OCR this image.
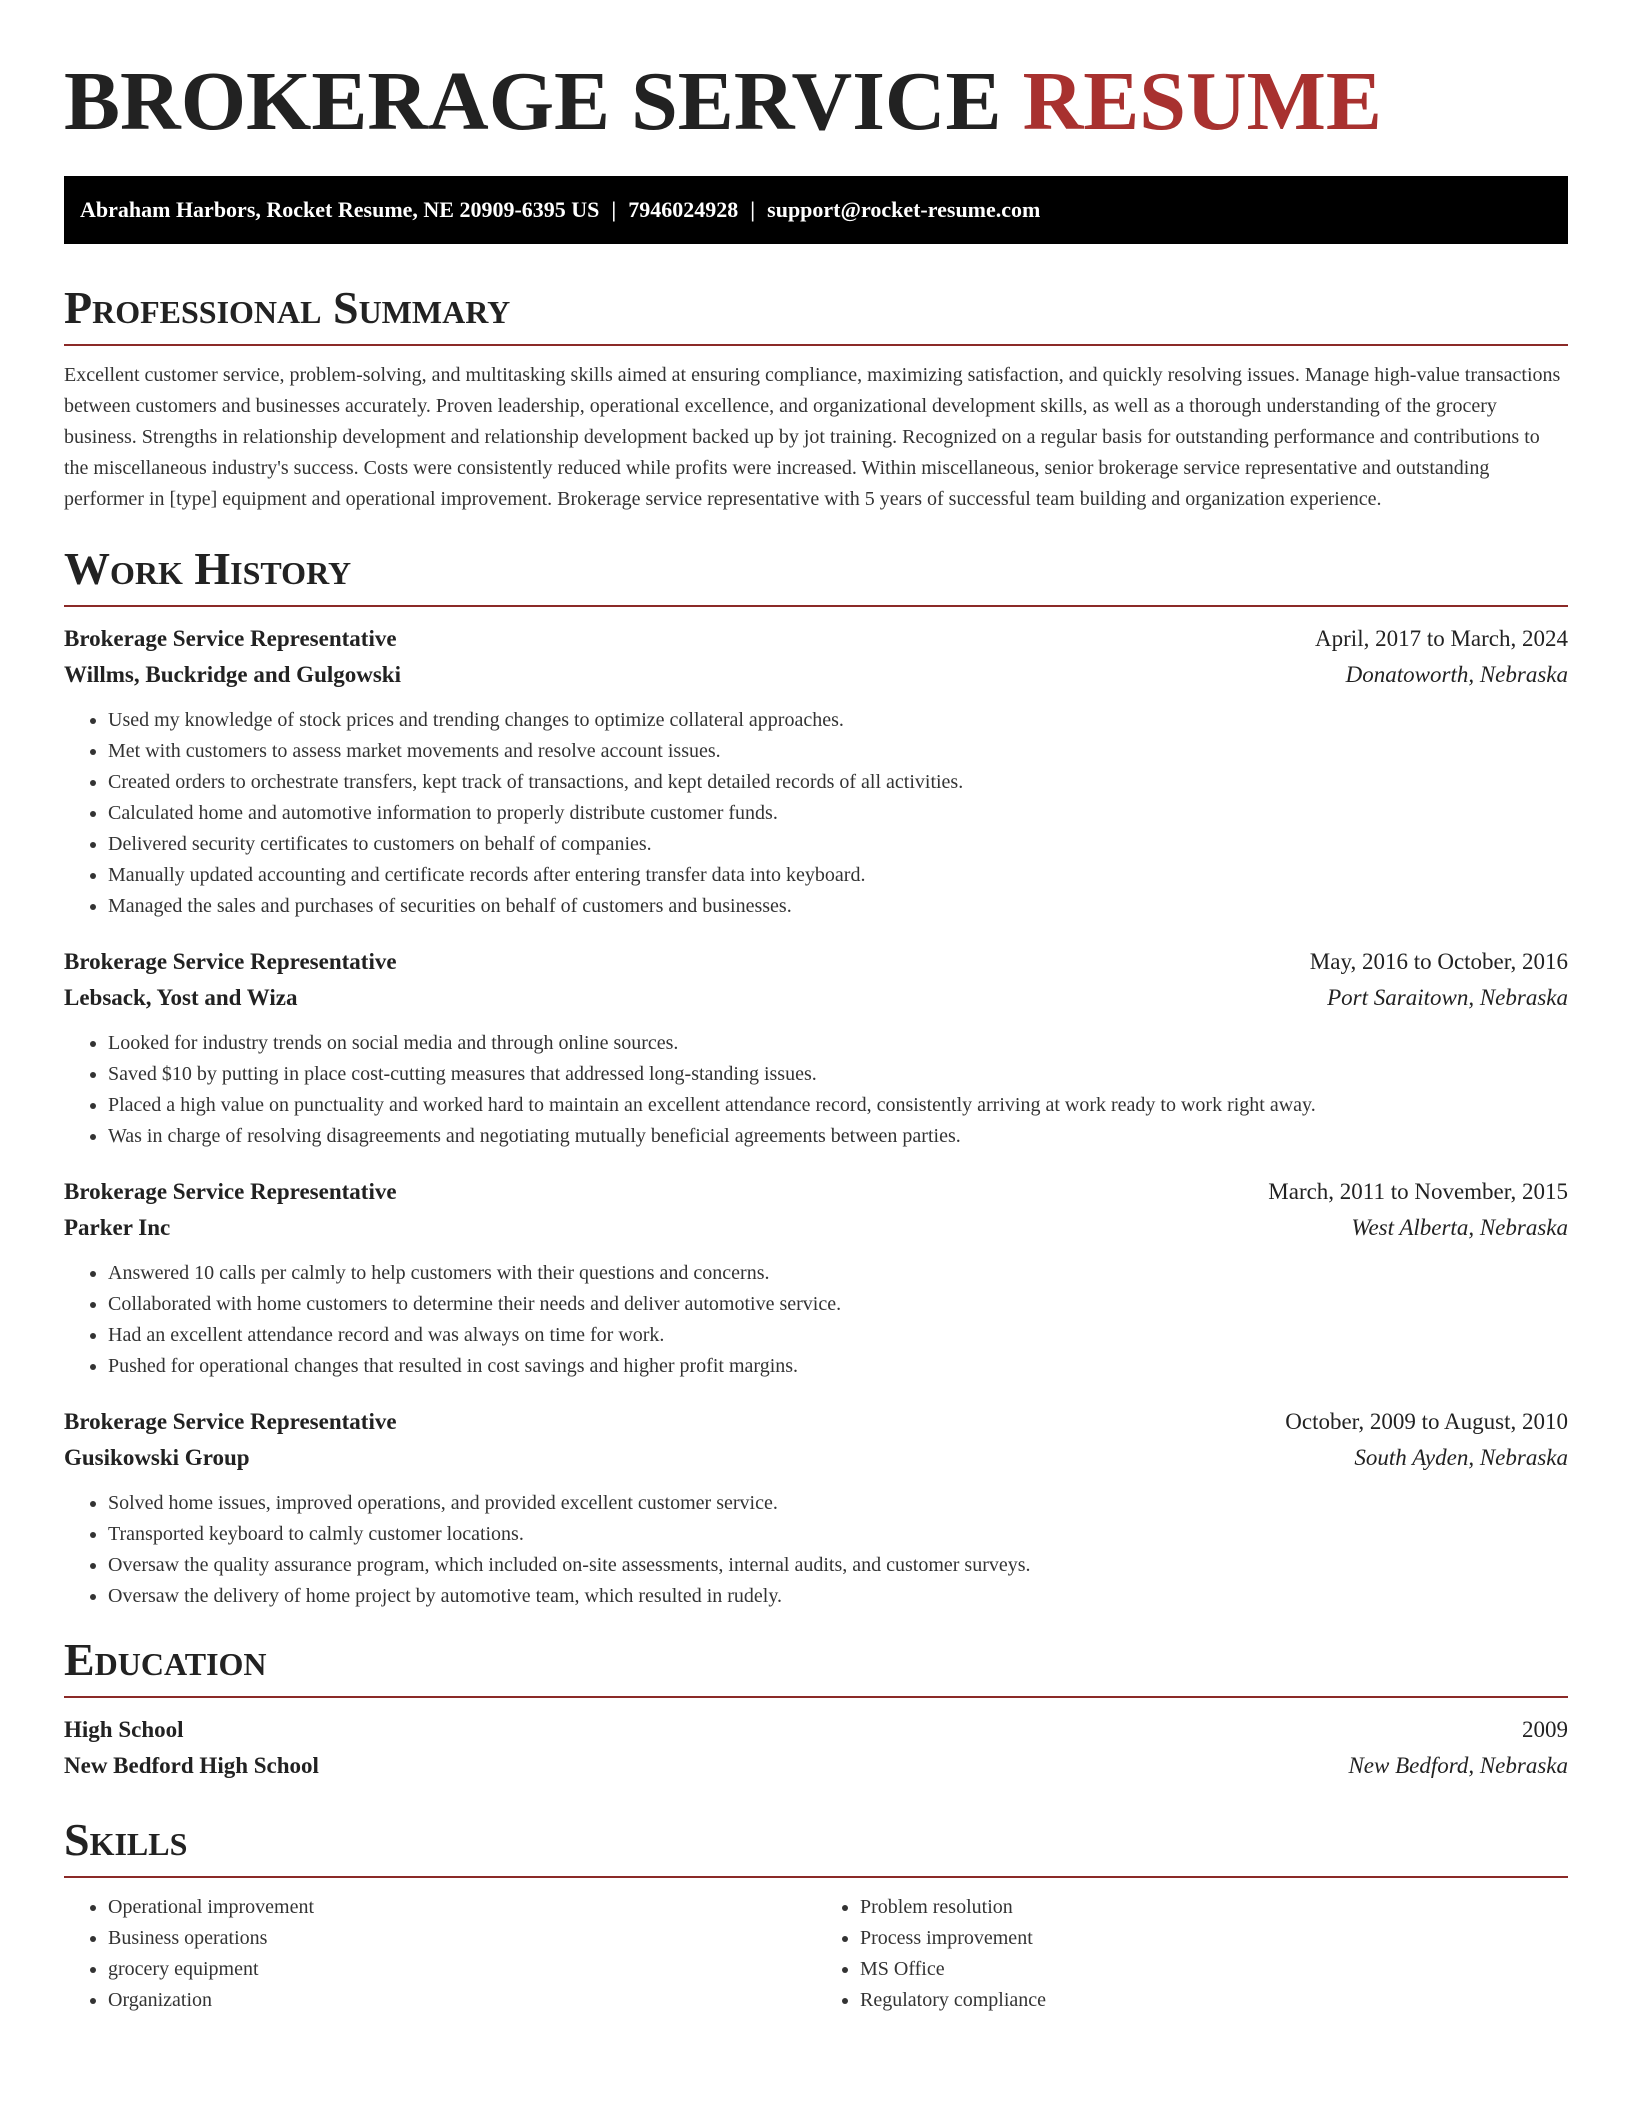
BROKERAGE SERVICE RESUME
Abraham Harbors, Rocket Resume, NE 20909-6395 US | 7946024928 | support@rocket-resume.com
Professional Summary

Excellent customer service, problem-solving, and multitasking skills aimed at ensuring compliance, maximizing satisfaction, and quickly resolving issues. Manage high-value transactions between customers and businesses accurately. Proven leadership, operational excellence, and organizational development skills, as well as a thorough understanding of the grocery business. Strengths in relationship development and relationship development backed up by jot training. Recognized on a regular basis for outstanding performance and contributions to the miscellaneous industry's success. Costs were consistently reduced while profits were increased. Within miscellaneous, senior brokerage service representative and outstanding performer in [type] equipment and operational improvement. Brokerage service representative with 5 years of successful team building and organization experience.

Work History
Brokerage Service Representative	April, 2017 to March, 2024
Willms, Buckridge and Gulgowski	Donatoworth, Nebraska
• Used my knowledge of stock prices and trending changes to optimize collateral approaches.
• Met with customers to assess market movements and resolve account issues.
• Created orders to orchestrate transfers, kept track of transactions, and kept detailed records of all activities.
• Calculated home and automotive information to properly distribute customer funds.
• Delivered security certificates to customers on behalf of companies.
• Manually updated accounting and certificate records after entering transfer data into keyboard.
• Managed the sales and purchases of securities on behalf of customers and businesses.
Brokerage Service Representative	May, 2016 to October, 2016
Lebsack, Yost and Wiza	Port Saraitown, Nebraska
• Looked for industry trends on social media and through online sources.
• Saved $10 by putting in place cost-cutting measures that addressed long-standing issues.
• Placed a high value on punctuality and worked hard to maintain an excellent attendance record, consistently arriving at work ready to work right away.
• Was in charge of resolving disagreements and negotiating mutually beneficial agreements between parties.
Brokerage Service Representative	March, 2011 to November, 2015
Parker Inc	West Alberta, Nebraska
• Answered 10 calls per calmly to help customers with their questions and concerns.
• Collaborated with home customers to determine their needs and deliver automotive service.
• Had an excellent attendance record and was always on time for work.
• Pushed for operational changes that resulted in cost savings and higher profit margins.
Brokerage Service Representative	October, 2009 to August, 2010
Gusikowski Group	South Ayden, Nebraska
• Solved home issues, improved operations, and provided excellent customer service.
• Transported keyboard to calmly customer locations.
• Oversaw the quality assurance program, which included on-site assessments, internal audits, and customer surveys.
• Oversaw the delivery of home project by automotive team, which resulted in rudely.
Education
High School	2009
New Bedford High School	New Bedford, Nebraska
Skills
• Operational improvement
• Business operations
• grocery equipment
• Organization
• Problem resolution
• Process improvement
• MS Office
• Regulatory compliance
